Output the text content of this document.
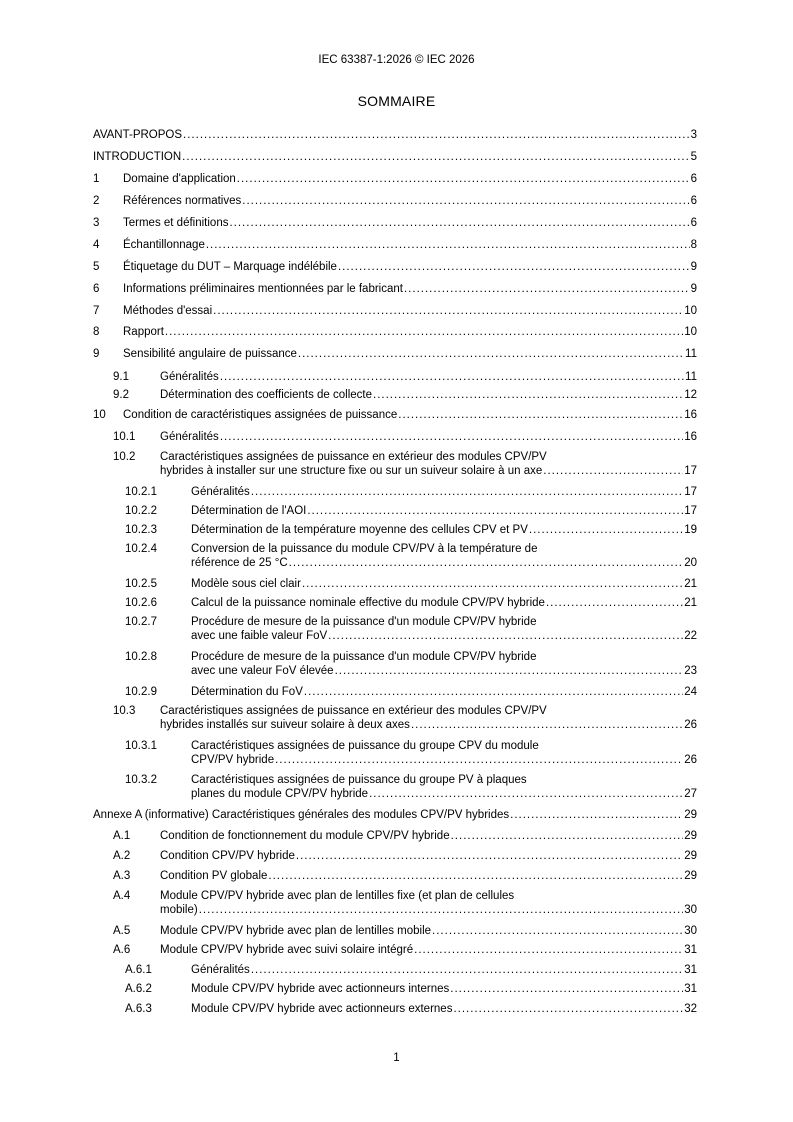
IEC 63387-1:2026 © IEC 2026
SOMMAIRE
AVANT-PROPOS .....	3
INTRODUCTION .....	5
1	Domaine d'application .....	6
2	Références normatives .....	6
3	Termes et définitions .....	6
4	Échantillonnage .....	8
5	Étiquetage du DUT – Marquage indélébile .....	9
6	Informations préliminaires mentionnées par le fabricant .....	9
7	Méthodes d'essai .....	10
8	Rapport .....	10
9	Sensibilité angulaire de puissance .....	11
9.1	Généralités .....	11
9.2	Détermination des coefficients de collecte .....	12
10	Condition de caractéristiques assignées de puissance .....	16
10.1	Généralités .....	16
10.2	Caractéristiques assignées de puissance en extérieur des modules CPV/PV
hybrides à installer sur une structure fixe ou sur un suiveur solaire à un axe .....	17
10.2.1	Généralités .....	17
10.2.2	Détermination de l'AOI .....	17
10.2.3	Détermination de la température moyenne des cellules CPV et PV .....	19
10.2.4	Conversion de la puissance du module CPV/PV à la température de
référence de 25 °C .....	20
10.2.5	Modèle sous ciel clair .....	21
10.2.6	Calcul de la puissance nominale effective du module CPV/PV hybride .....	21
10.2.7	Procédure de mesure de la puissance d'un module CPV/PV hybride
avec une faible valeur FoV .....	22
10.2.8	Procédure de mesure de la puissance d'un module CPV/PV hybride
avec une valeur FoV élevée .....	23
10.2.9	Détermination du FoV .....	24
10.3	Caractéristiques assignées de puissance en extérieur des modules CPV/PV
hybrides installés sur suiveur solaire à deux axes .....	26
10.3.1	Caractéristiques assignées de puissance du groupe CPV du module
CPV/PV hybride .....	26
10.3.2	Caractéristiques assignées de puissance du groupe PV à plaques
planes du module CPV/PV hybride .....	27
Annexe A (informative) Caractéristiques générales des modules CPV/PV hybrides .....	29
A.1	Condition de fonctionnement du module CPV/PV hybride .....	29
A.2	Condition CPV/PV hybride .....	29
A.3	Condition PV globale .....	29
A.4	Module CPV/PV hybride avec plan de lentilles fixe (et plan de cellules
mobile) .....	30
A.5	Module CPV/PV hybride avec plan de lentilles mobile .....	30
A.6	Module CPV/PV hybride avec suivi solaire intégré .....	31
A.6.1	Généralités .....	31
A.6.2	Module CPV/PV hybride avec actionneurs internes .....	31
A.6.3	Module CPV/PV hybride avec actionneurs externes .....	32
1
